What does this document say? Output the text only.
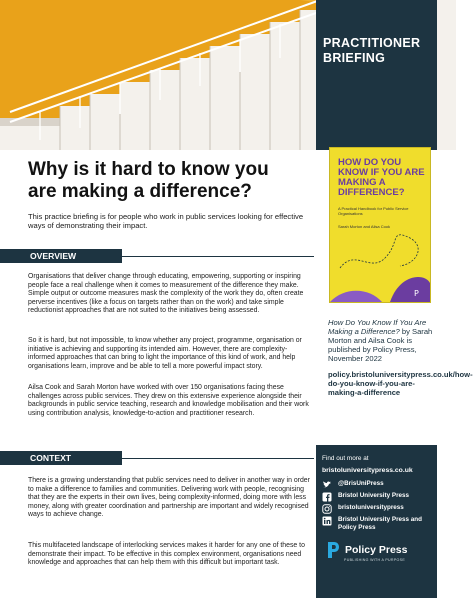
PRACTITIONER
BRIEFING
P
HOW DO YOU KNOW IF YOU ARE MAKING A DIFFERENCE?
A Practical Handbook for Public Service Organisations
Sarah Morton and Ailsa Cook
How Do You Know If You Are Making a Difference? by Sarah Morton and Ailsa Cook is published by Policy Press, November 2022
policy.bristoluniversitypress.co.uk/how-do-you-know-if-you-are-making-a-difference
Find out more at
bristoluniversitypress.co.uk
@BrisUniPress
Bristol University Press
bristoluniversitypress
Bristol University Press and Policy Press
Policy Press
PUBLISHING WITH A PURPOSE
Why is it hard to know you
are making a difference?
This practice briefing is for people who work in public services looking for effective ways of demonstrating their impact.
OVERVIEW
Organisations that deliver change through educating, empowering, supporting or inspiring people face a real challenge when it comes to measurement of the difference they make. Simple output or outcome measures mask the complexity of the work they do, often create perverse incentives (like a focus on targets rather than on the work) and take simple reductionist approaches that are not suited to the initiatives being assessed.
So it is hard, but not impossible, to know whether any project, programme, organisation or initiative is achieving and supporting its intended aim. However, there are complexity-informed approaches that can bring to light the importance of this kind of work, and help organisations learn, improve and be able to tell a more powerful impact story.
Ailsa Cook and Sarah Morton have worked with over 150 organisations facing these challenges across public services. They drew on this extensive experience alongside their backgrounds in public service teaching, research and knowledge mobilisation and their work using contribution analysis, knowledge-to-action and practitioner research.
CONTEXT
There is a growing understanding that public services need to deliver in another way in order to make a difference to families and communities. Delivering work with people, recognising that they are the experts in their own lives, being complexity-informed, doing more with less money, along with greater coordination and partnership are important and widely recognised ways to achieve change.
This multifaceted landscape of interlocking services makes it harder for any one of these to demonstrate their impact. To be effective in this complex environment, organisations need knowledge and approaches that can help them with this difficult but important task.
